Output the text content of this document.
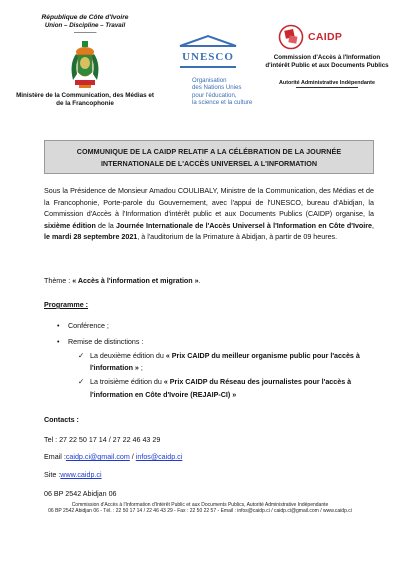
République de Côte d'Ivoire
Union – Discipline – Travail
---------------
Ministère de la Communication, des Médias et de la Francophonie
UNESCO
Organisation
des Nations Unies
pour l'éducation,
la science et la culture
CAIDP
Commission d'Accès à l'Information
d'intérêt Public et aux Documents Publics
Autorité Administrative Indépendante
COMMUNIQUE DE LA CAIDP RELATIF A LA CÉLÉBRATION DE LA JOURNÉE
INTERNATIONALE DE L'ACCÈS UNIVERSEL A L'INFORMATION
Sous la Présidence de Monsieur Amadou COULIBALY, Ministre de la Communication, des Médias et de la Francophonie, Porte-parole du Gouvernement, avec l'appui de l'UNESCO, bureau d'Abidjan, la Commission d'Accès à l'Information d'intérêt public et aux Documents Publics (CAIDP) organise, la sixième édition de la Journée Internationale de l'Accès Universel à l'Information en Côte d'Ivoire, le mardi 28 septembre 2021, à l'auditorium de la Primature à Abidjan, à partir de 09 heures.
Thème : « Accès à l'information et migration ».
Programme :
• Conférence ;
• Remise de distinctions :
✓ La deuxième édition du « Prix CAIDP du meilleur organisme public pour l'accès à l'information » ;
✓ La troisième édition du « Prix CAIDP du Réseau des journalistes pour l'accès à l'information en Côte d'Ivoire (REJAIP-CI) »
Contacts :
Tel : 27 22 50 17 14 / 27 22 46 43 29
Email :caidp.ci@gmail.com / infos@caidp.ci
Site :www.caidp.ci
06 BP 2542 Abidjan 06
Commission d'Accès à l'Information d'Intérêt Public et aux Documents Publics, Autorité Administrative Indépendante
06 BP 2542 Abidjan 06 - Tél. : 22 50 17 14 / 22 46 43 29 - Fax : 22 50 22 57 - Email : infos@caidp.ci / caidp.ci@gmail.com / www.caidp.ci
